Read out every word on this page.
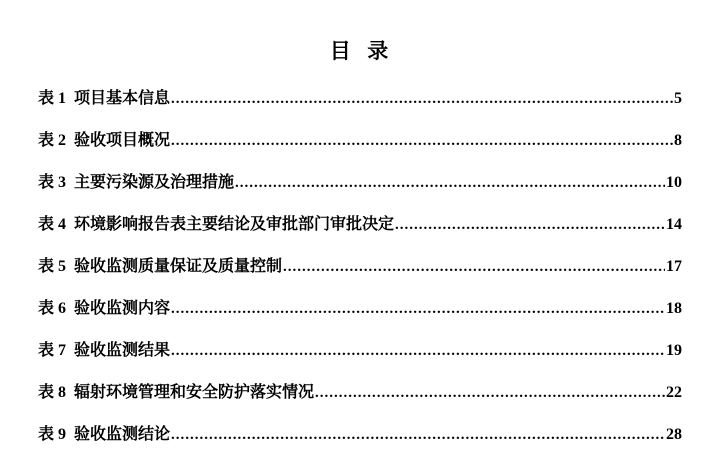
目  录
表 1  项目基本信息 .....	5
表 2  验收项目概况 .....	8
表 3  主要污染源及治理措施 .....	10
表 4  环境影响报告表主要结论及审批部门审批决定 .....	14
表 5  验收监测质量保证及质量控制 .....	17
表 6  验收监测内容 .....	18
表 7  验收监测结果 .....	19
表 8  辐射环境管理和安全防护落实情况 .....	22
表 9  验收监测结论 .....	28
